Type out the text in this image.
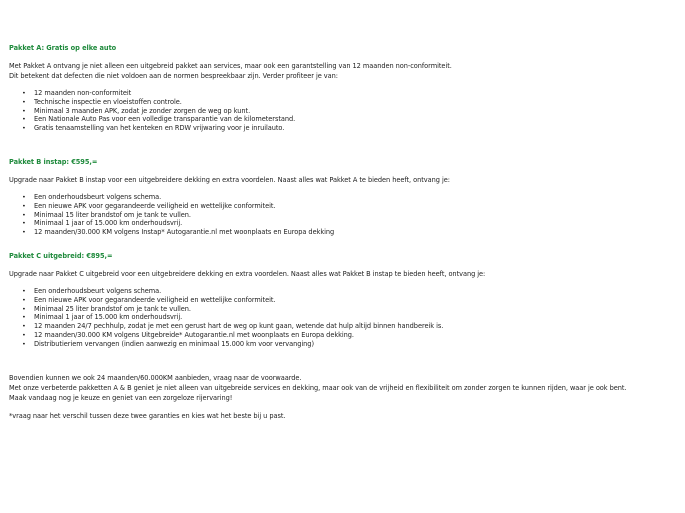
Pakket A: Gratis op elke auto

Met Pakket A ontvang je niet alleen een uitgebreid pakket aan services, maar ook een garantstelling van 12 maanden non-conformiteit.

Dit betekent dat defecten die niet voldoen aan de normen bespreekbaar zijn. Verder profiteer je van:

• 12 maanden non-conformiteit
• Technische inspectie en vloeistoffen controle.
• Minimaal 3 maanden APK, zodat je zonder zorgen de weg op kunt.
• Een Nationale Auto Pas voor een volledige transparantie van de kilometerstand.
• Gratis tenaamstelling van het kenteken en RDW vrijwaring voor je inruilauto.

Pakket B instap: €595,=

Upgrade naar Pakket B instap voor een uitgebreidere dekking en extra voordelen. Naast alles wat Pakket A te bieden heeft, ontvang je:

• Een onderhoudsbeurt volgens schema.
• Een nieuwe APK voor gegarandeerde veiligheid en wettelijke conformiteit.
• Minimaal 15 liter brandstof om je tank te vullen.
• Minimaal 1 jaar of 15.000 km onderhoudsvrij.
• 12 maanden/30.000 KM volgens Instap* Autogarantie.nl met woonplaats en Europa dekking

Pakket C uitgebreid: €895,=

Upgrade naar Pakket C uitgebreid voor een uitgebreidere dekking en extra voordelen. Naast alles wat Pakket B instap te bieden heeft, ontvang je:

• Een onderhoudsbeurt volgens schema.
• Een nieuwe APK voor gegarandeerde veiligheid en wettelijke conformiteit.
• Minimaal 25 liter brandstof om je tank te vullen.
• Minimaal 1 jaar of 15.000 km onderhoudsvrij.
• 12 maanden 24/7 pechhulp, zodat je met een gerust hart de weg op kunt gaan, wetende dat hulp altijd binnen handbereik is.
• 12 maanden/30.000 KM volgens Uitgebreide* Autogarantie.nl met woonplaats en Europa dekking.
• Distributieriem vervangen (indien aanwezig en minimaal 15.000 km voor vervanging)

Bovendien kunnen we ook 24 maanden/60.000KM aanbieden, vraag naar de voorwaarde.

Met onze verbeterde pakketten A & B geniet je niet alleen van uitgebreide services en dekking, maar ook van de vrijheid en flexibiliteit om zonder zorgen te kunnen rijden, waar je ook bent.

Maak vandaag nog je keuze en geniet van een zorgeloze rijervaring!

*vraag naar het verschil tussen deze twee garanties en kies wat het beste bij u past.
